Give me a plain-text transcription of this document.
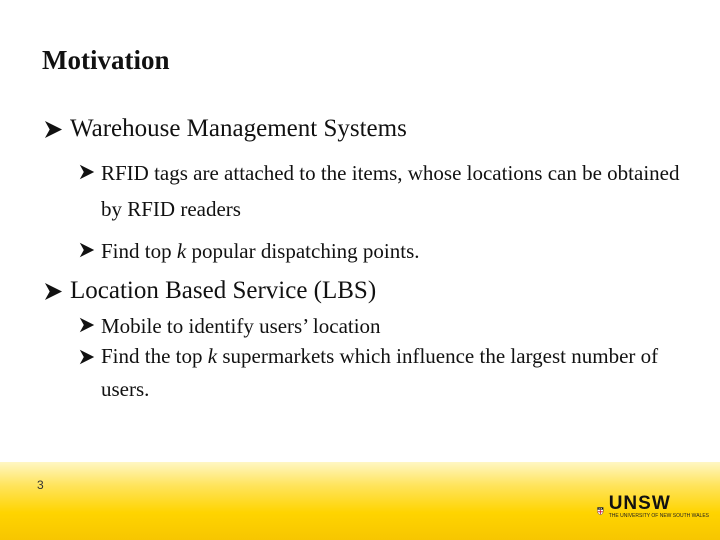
Motivation
Warehouse Management Systems
RFID tags are attached to the items, whose locations can be obtained by RFID readers
Find top k popular dispatching points.
Location Based Service (LBS)
Mobile to identify users’ location
Find the top k supermarkets which influence the largest number of users.
3
UNSW
THE UNIVERSITY OF NEW SOUTH WALES
